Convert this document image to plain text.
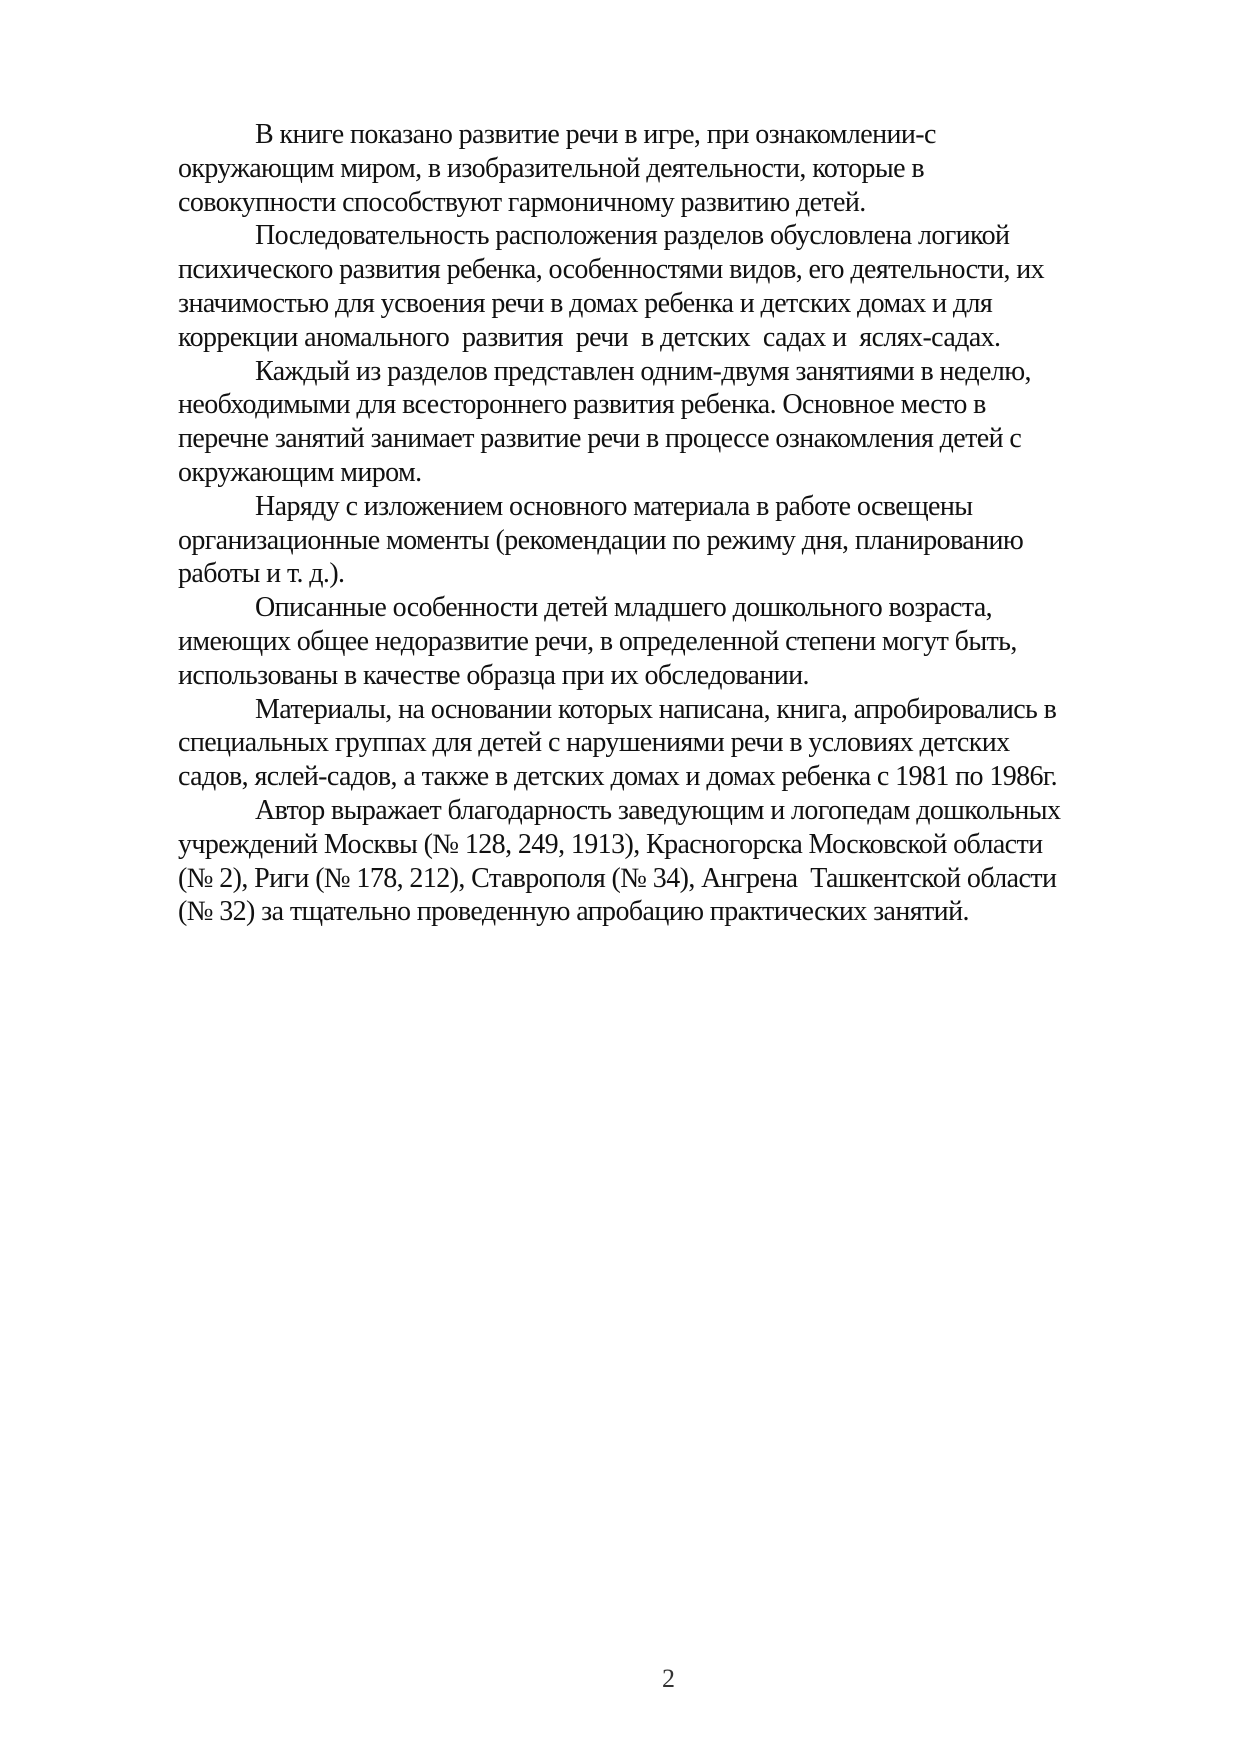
В книге показано развитие речи в игре, при ознакомлении-с
окружающим миром, в изобразительной деятельности, которые в
совокупности способствуют гармоничному развитию детей.
Последовательность расположения разделов обусловлена логикой
психического развития ребенка, особенностями видов, его деятельности, их
значимостью для усвоения речи в домах ребенка и детских домах и для
коррекции аномального  развития  речи  в детских  садах и  яслях-садах.
Каждый из разделов представлен одним-двумя занятиями в неделю,
необходимыми для всестороннего развития ребенка. Основное место в
перечне занятий занимает развитие речи в процессе ознакомления детей с
окружающим миром.
Наряду с изложением основного материала в работе освещены
организационные моменты (рекомендации по режиму дня, планированию
работы и т. д.).
Описанные особенности детей младшего дошкольного возраста,
имеющих общее недоразвитие речи, в определенной степени могут быть,
использованы в качестве образца при их обследовании.
Материалы, на основании которых написана, книга, апробировались в
специальных группах для детей с нарушениями речи в условиях детских
садов, яслей-садов, а также в детских домах и домах ребенка с 1981 по 1986г.
Автор выражает благодарность заведующим и логопедам дошкольных
учреждений Москвы (№ 128, 249, 1913), Красногорска Московской области
(№ 2), Риги (№ 178, 212), Ставрополя (№ 34), Ангрена  Ташкентской области
(№ 32) за тщательно проведенную апробацию практических занятий.
2
